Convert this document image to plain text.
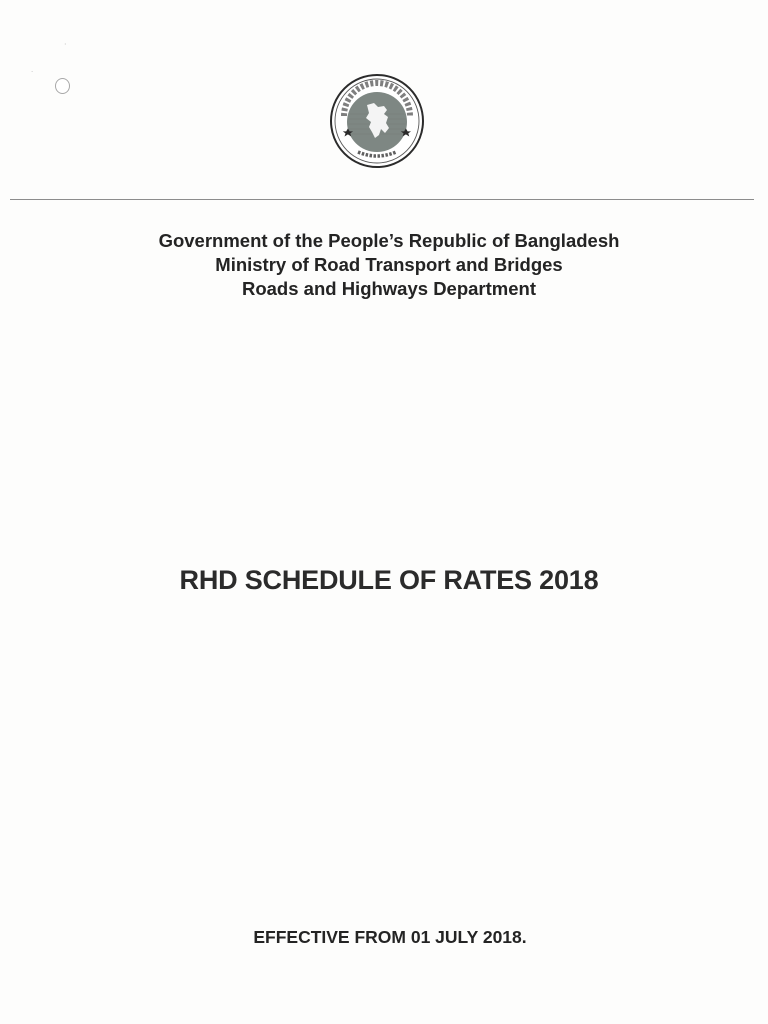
·
·
Government of the People’s Republic of Bangladesh
Ministry of Road Transport and Bridges
Roads and Highways Department
RHD SCHEDULE OF RATES 2018
EFFECTIVE FROM 01 JULY 2018.
